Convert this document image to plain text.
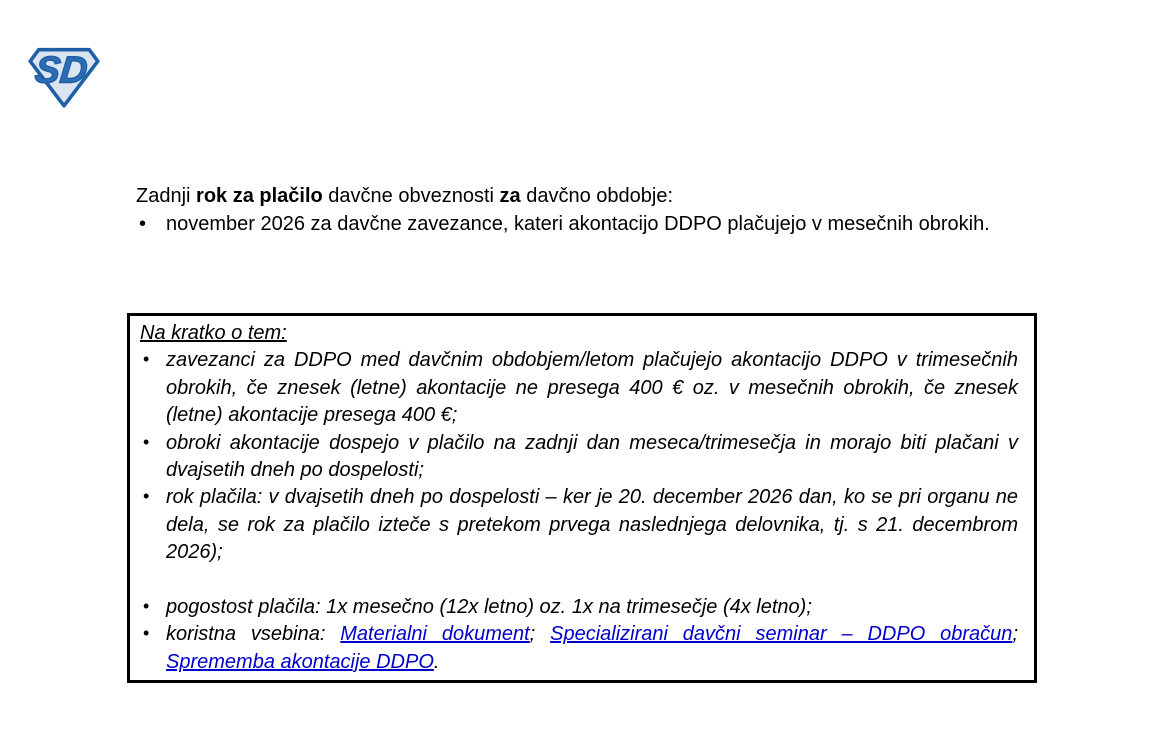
SD

Zadnji rok za plačilo davčne obveznosti za davčno obdobje:

• november 2026 za davčne zavezance, kateri akontacijo DDPO plačujejo v mesečnih obrokih.
Na kratko o tem:
• zavezanci za DDPO med davčnim obdobjem/letom plačujejo akontacijo DDPO v trimesečnih obrokih, če znesek (letne) akontacije ne presega 400 € oz. v mesečnih obrokih, če znesek (letne) akontacije presega 400 €;
• obroki akontacije dospejo v plačilo na zadnji dan meseca/trimesečja in morajo biti plačani v dvajsetih dneh po dospelosti;
• rok plačila: v dvajsetih dneh po dospelosti – ker je 20. december 2026 dan, ko se pri organu ne dela, se rok za plačilo izteče s pretekom prvega naslednjega delovnika, tj. s 21. decembrom 2026);
• pogostost plačila: 1x mesečno (12x letno) oz. 1x na trimesečje (4x letno);
• koristna vsebina: Materialni dokument; Specializirani davčni seminar – DDPO obračun; Sprememba akontacije DDPO.
